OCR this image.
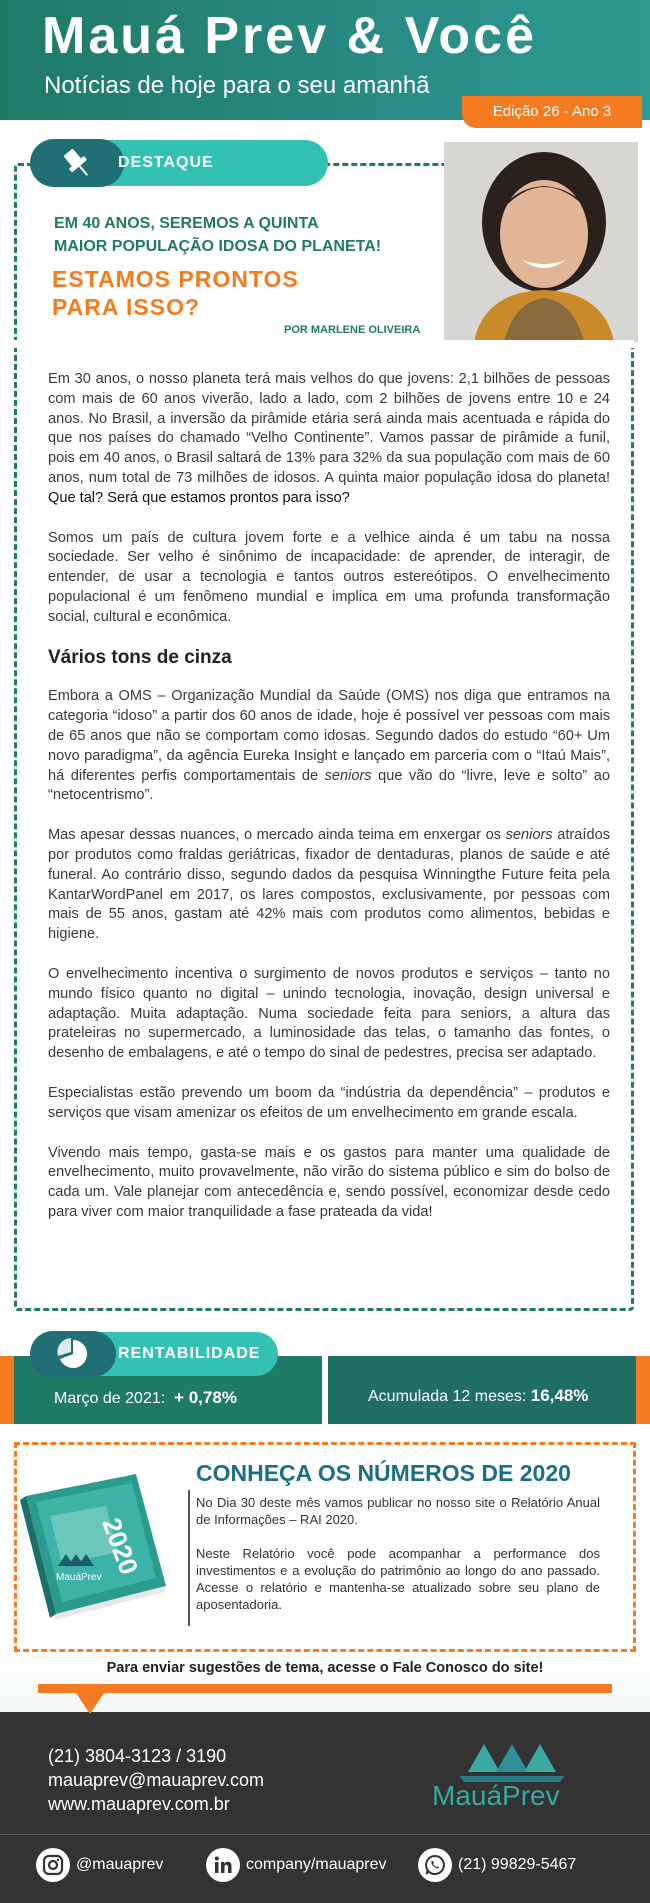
Mauá Prev & Você
Notícias de hoje para o seu amanhã
Edição 26 - Ano 3
DESTAQUE
EM 40 ANOS, SEREMOS A QUINTA
MAIOR POPULAÇÃO IDOSA DO PLANETA!
ESTAMOS PRONTOS
PARA ISSO?
POR MARLENE OLIVEIRA

Em 30 anos, o nosso planeta terá mais velhos do que jovens: 2,1 bilhões de pessoas com mais de 60 anos viverão, lado a lado, com 2 bilhões de jovens entre 10 e 24 anos. No Brasil, a inversão da pirâmide etária será ainda mais acentuada e rápida do que nos países do chamado “Velho Continente”. Vamos passar de pirâmide a funil, pois em 40 anos, o Brasil saltará de 13% para 32% da sua população com mais de 60 anos, num total de 73 milhões de idosos. A quinta maior população idosa do planeta! Que tal? Será que estamos prontos para isso?

Somos um país de cultura jovem forte e a velhice ainda é um tabu na nossa sociedade. Ser velho é sinônimo de incapacidade: de aprender, de interagir, de entender, de usar a tecnologia e tantos outros estereótipos. O envelhecimento populacional é um fenômeno mundial e implica em uma profunda transformação social, cultural e econômica.

Vários tons de cinza

Embora a OMS – Organização Mundial da Saúde (OMS) nos diga que entramos na categoria “idoso” a partir dos 60 anos de idade, hoje é possível ver pessoas com mais de 65 anos que não se comportam como idosas. Segundo dados do estudo “60+ Um novo paradigma”, da agência Eureka Insight e lançado em parceria com o “Itaú Mais”, há diferentes perfis comportamentais de seniors que vão do “livre, leve e solto” ao “netocentrismo”.

Mas apesar dessas nuances, o mercado ainda teima em enxergar os seniors atraídos por produtos como fraldas geriátricas, fixador de dentaduras, planos de saúde e até funeral. Ao contrário disso, segundo dados da pesquisa Winningthe Future feita pela KantarWordPanel em 2017, os lares compostos, exclusivamente, por pessoas com mais de 55 anos, gastam até 42% mais com produtos como alimentos, bebidas e higiene.

O envelhecimento incentiva o surgimento de novos produtos e serviços – tanto no mundo físico quanto no digital – unindo tecnologia, inovação, design universal e adaptação. Muita adaptação. Numa sociedade feita para seniors, a altura das prateleiras no supermercado, a luminosidade das telas, o tamanho das fontes, o desenho de embalagens, e até o tempo do sinal de pedestres, precisa ser adaptado.

Especialistas estão prevendo um boom da “indústria da dependência” – produtos e serviços que visam amenizar os efeitos de um envelhecimento em grande escala.

Vivendo mais tempo, gasta-se mais e os gastos para manter uma qualidade de envelhecimento, muito provavelmente, não virão do sistema público e sim do bolso de cada um. Vale planejar com antecedência e, sendo possível, economizar desde cedo para viver com maior tranquilidade a fase prateada da vida!

RENTABILIDADE
Março de 2021: + 0,78%	Acumulada 12 meses: 16,48%
2020
MauáPrev
CONHEÇA OS NÚMEROS DE 2020

No Dia 30 deste mês vamos publicar no nosso site o Relatório Anual de Informações – RAI 2020.

Neste Relatório você pode acompanhar a performance dos investimentos e a evolução do patrimônio ao longo do ano passado. Acesse o relatório e mantenha-se atualizado sobre seu plano de aposentadoria.

Para enviar sugestões de tema, acesse o Fale Conosco do site!
(21) 3804-3123 / 3190
mauaprev@mauaprev.com
www.mauaprev.com.br	MauáPrev
@mauaprev	company/mauaprev	(21) 99829-5467
